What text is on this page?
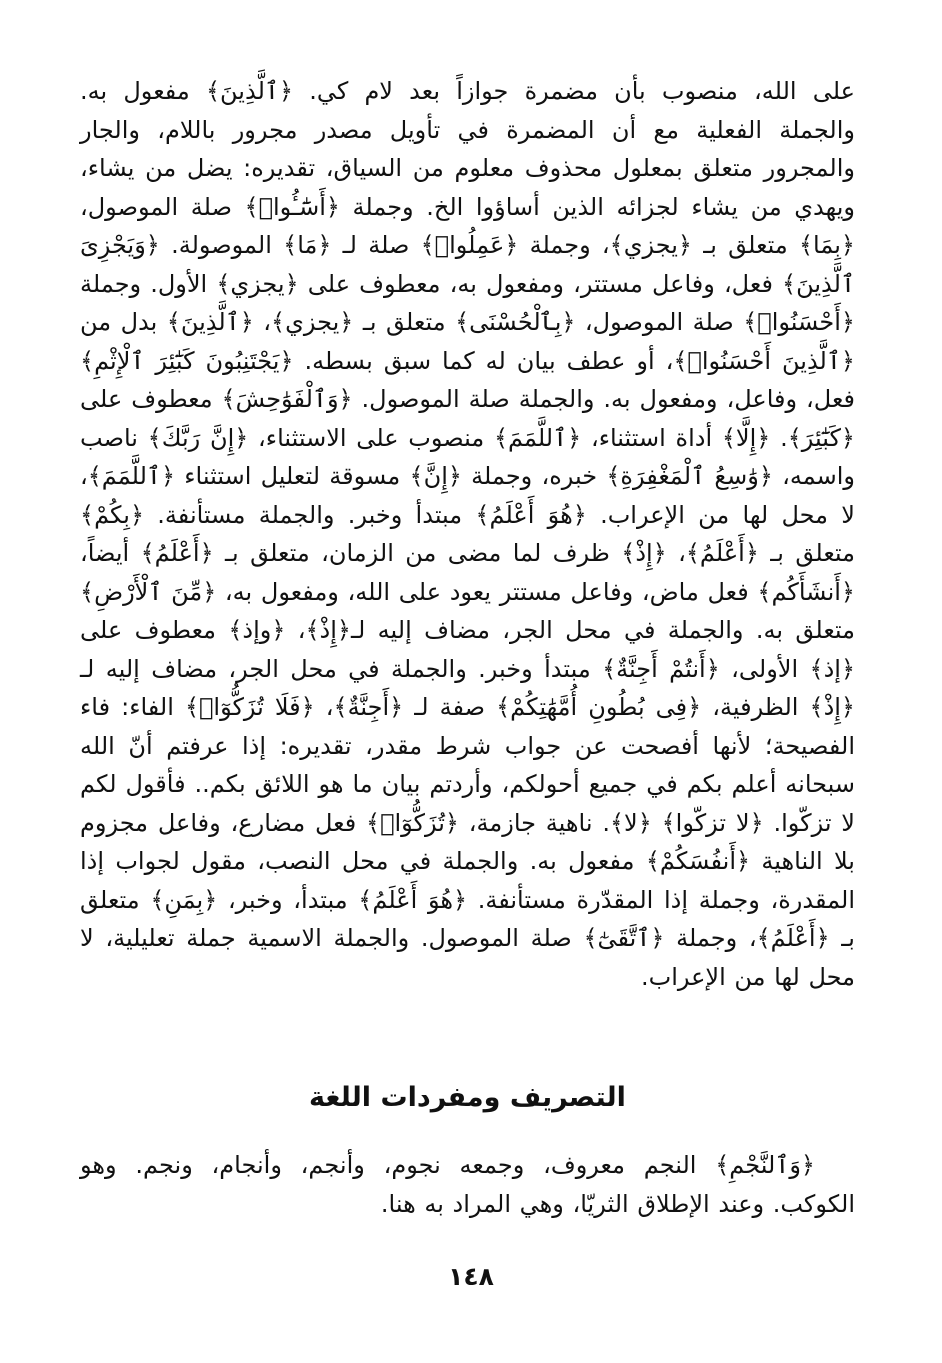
على الله، منصوب بأن مضمرة جوازاً بعد لام كي. ﴿ٱلَّذِينَ﴾ مفعول به. والجملة الفعلية مع أن المضمرة في تأويل مصدر مجرور باللام، والجار والمجرور متعلق بمعلول محذوف معلوم من السياق، تقديره: يضل من يشاء، ويهدي من يشاء لجزائه الذين أساؤوا الخ. وجملة ﴿أَسَٰٓـُٔوا۟﴾ صلة الموصول، ﴿بِمَا﴾ متعلق بـ ﴿يجزي﴾، وجملة ﴿عَمِلُوا۟﴾ صلة لـ ﴿مَا﴾ الموصولة. ﴿وَيَجْزِىَ ٱلَّذِينَ﴾ فعل، وفاعل مستتر، ومفعول به، معطوف على ﴿يجزي﴾ الأول. وجملة ﴿أَحْسَنُوا۟﴾ صلة الموصول، ﴿بِٱلْحُسْنَى﴾ متعلق بـ ﴿يجزي﴾، ﴿ٱلَّذِينَ﴾ بدل من ﴿ٱلَّذِينَ أَحْسَنُوا۟﴾، أو عطف بيان له كما سبق بسطه. ﴿يَجْتَنِبُونَ كَبَٰٓئِرَ ٱلْإِثْمِ﴾ فعل، وفاعل، ومفعول به. والجملة صلة الموصول. ﴿وَٱلْفَوَٰحِشَ﴾ معطوف على ﴿كَبَٰٓئِرَ﴾. ﴿إِلَّا﴾ أداة استثناء، ﴿ٱللَّمَمَ﴾ منصوب على الاستثناء، ﴿إِنَّ رَبَّكَ﴾ ناصب واسمه، ﴿وَٰسِعُ ٱلْمَغْفِرَةِ﴾ خبره، وجملة ﴿إِنَّ﴾ مسوقة لتعليل استثناء ﴿ٱللَّمَمَ﴾، لا محل لها من الإعراب. ﴿هُوَ أَعْلَمُ﴾ مبتدأ وخبر. والجملة مستأنفة. ﴿بِكُمْ﴾ متعلق بـ ﴿أَعْلَمُ﴾، ﴿إِذْ﴾ ظرف لما مضى من الزمان، متعلق بـ ﴿أَعْلَمُ﴾ أيضاً، ﴿أَنشَأَكُم﴾ فعل ماض، وفاعل مستتر يعود على الله، ومفعول به، ﴿مِّنَ ٱلْأَرْضِ﴾ متعلق به. والجملة في محل الجر، مضاف إليه لـ﴿إِذْ﴾، ﴿وإذ﴾ معطوف على ﴿إذ﴾ الأولى، ﴿أَنتُمْ أَجِنَّةٌ﴾ مبتدأ وخبر. والجملة في محل الجر، مضاف إليه لـ ﴿إِذْ﴾ الظرفية، ﴿فِى بُطُونِ أُمَّهَٰتِكُمْ﴾ صفة لـ ﴿أَجِنَّةٌ﴾، ﴿فَلَا تُزَكُّوٓا۟﴾ الفاء: فاء الفصيحة؛ لأنها أفصحت عن جواب شرط مقدر، تقديره: إذا عرفتم أنّ الله سبحانه أعلم بكم في جميع أحولكم، وأردتم بيان ما هو اللائق بكم.. فأقول لكم لا تزكّوا. ﴿لا تزكّوا﴾ ﴿لا﴾. ناهية جازمة، ﴿تُزَكُّوٓا۟﴾ فعل مضارع، وفاعل مجزوم بلا الناهية ﴿أَنفُسَكُمْ﴾ مفعول به. والجملة في محل النصب، مقول لجواب إذا المقدرة، وجملة إذا المقدّرة مستأنفة. ﴿هُوَ أَعْلَمُ﴾ مبتدأ، وخبر، ﴿بِمَنِ﴾ متعلق بـ ﴿أَعْلَمُ﴾، وجملة ﴿ٱتَّقَىٰٓ﴾ صلة الموصول. والجملة الاسمية جملة تعليلية، لا محل لها من الإعراب.

التصريف ومفردات اللغة

﴿وَٱلنَّجْمِ﴾ النجم معروف، وجمعه نجوم، وأنجم، وأنجام، ونجم. وهو الكوكب. وعند الإطلاق الثريّا، وهي المراد به هنا.

١٤٨
